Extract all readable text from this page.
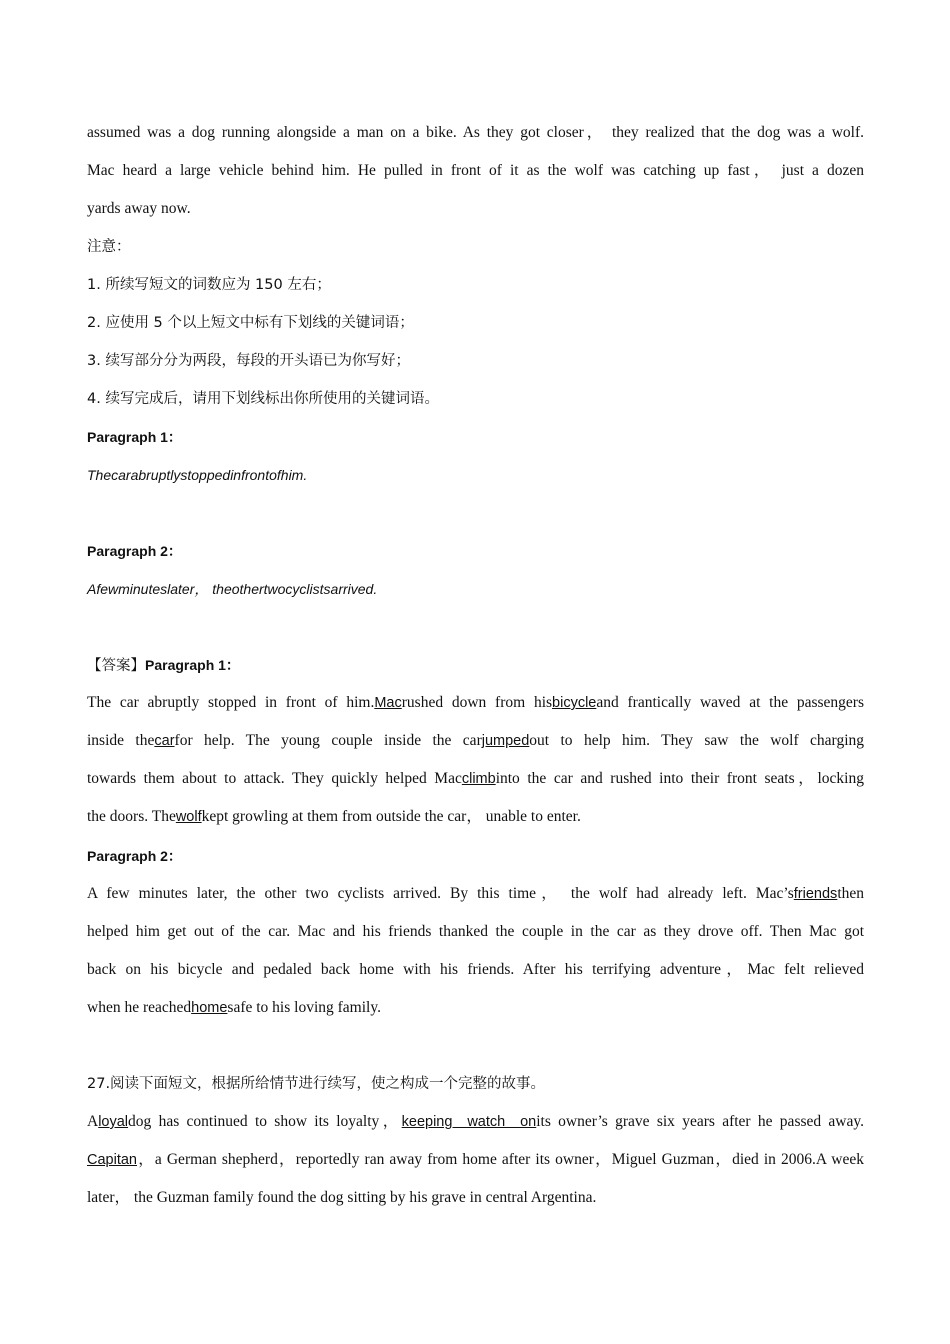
assumed was a dog running alongside a man on a bike. As they got closer， they realized that the dog was a wolf.
Mac heard a large vehicle behind him. He pulled in front of it as the wolf was catching up fast， just a dozen
yards away now.
注意：
1. 所续写短文的词数应为 150 左右；
2. 应使用 5 个以上短文中标有下划线的关键词语；
3. 续写部分分为两段，每段的开头语已为你写好；
4. 续写完成后，请用下划线标出你所使用的关键词语。
Paragraph 1：
Thecarabruptlystoppedinfrontofhim.
Paragraph 2：
Afewminuteslater， theothertwocyclistsarrived.
【答案】Paragraph 1：
The car abruptly stopped in front of him.Macrushed down from hisbicycleand frantically waved at the passengers
inside thecarfor help. The young couple inside the carjumpedout to help him. They saw the wolf charging
towards them about to attack. They quickly helped Macclimbinto the car and rushed into their front seats，locking
the doors. Thewolfkept growling at them from outside the car， unable to enter.
Paragraph 2：
A few minutes later, the other two cyclists arrived. By this time， the wolf had already left. Mac’sfriendsthen
helped him get out of the car. Mac and his friends thanked the couple in the car as they drove off. Then Mac got
back on his bicycle and pedaled back home with his friends. After his terrifying adventure，Mac felt relieved
when he reachedhomesafe to his loving family.
27.阅读下面短文，根据所给情节进行续写，使之构成一个完整的故事。
Aloyaldog has continued to show its loyalty，keeping  watch  onits owner’s grave six years after he passed away.
Capitan，a German shepherd，reportedly ran away from home after its owner，Miguel Guzman，died in 2006.A week
later， the Guzman family found the dog sitting by his grave in central Argentina.
